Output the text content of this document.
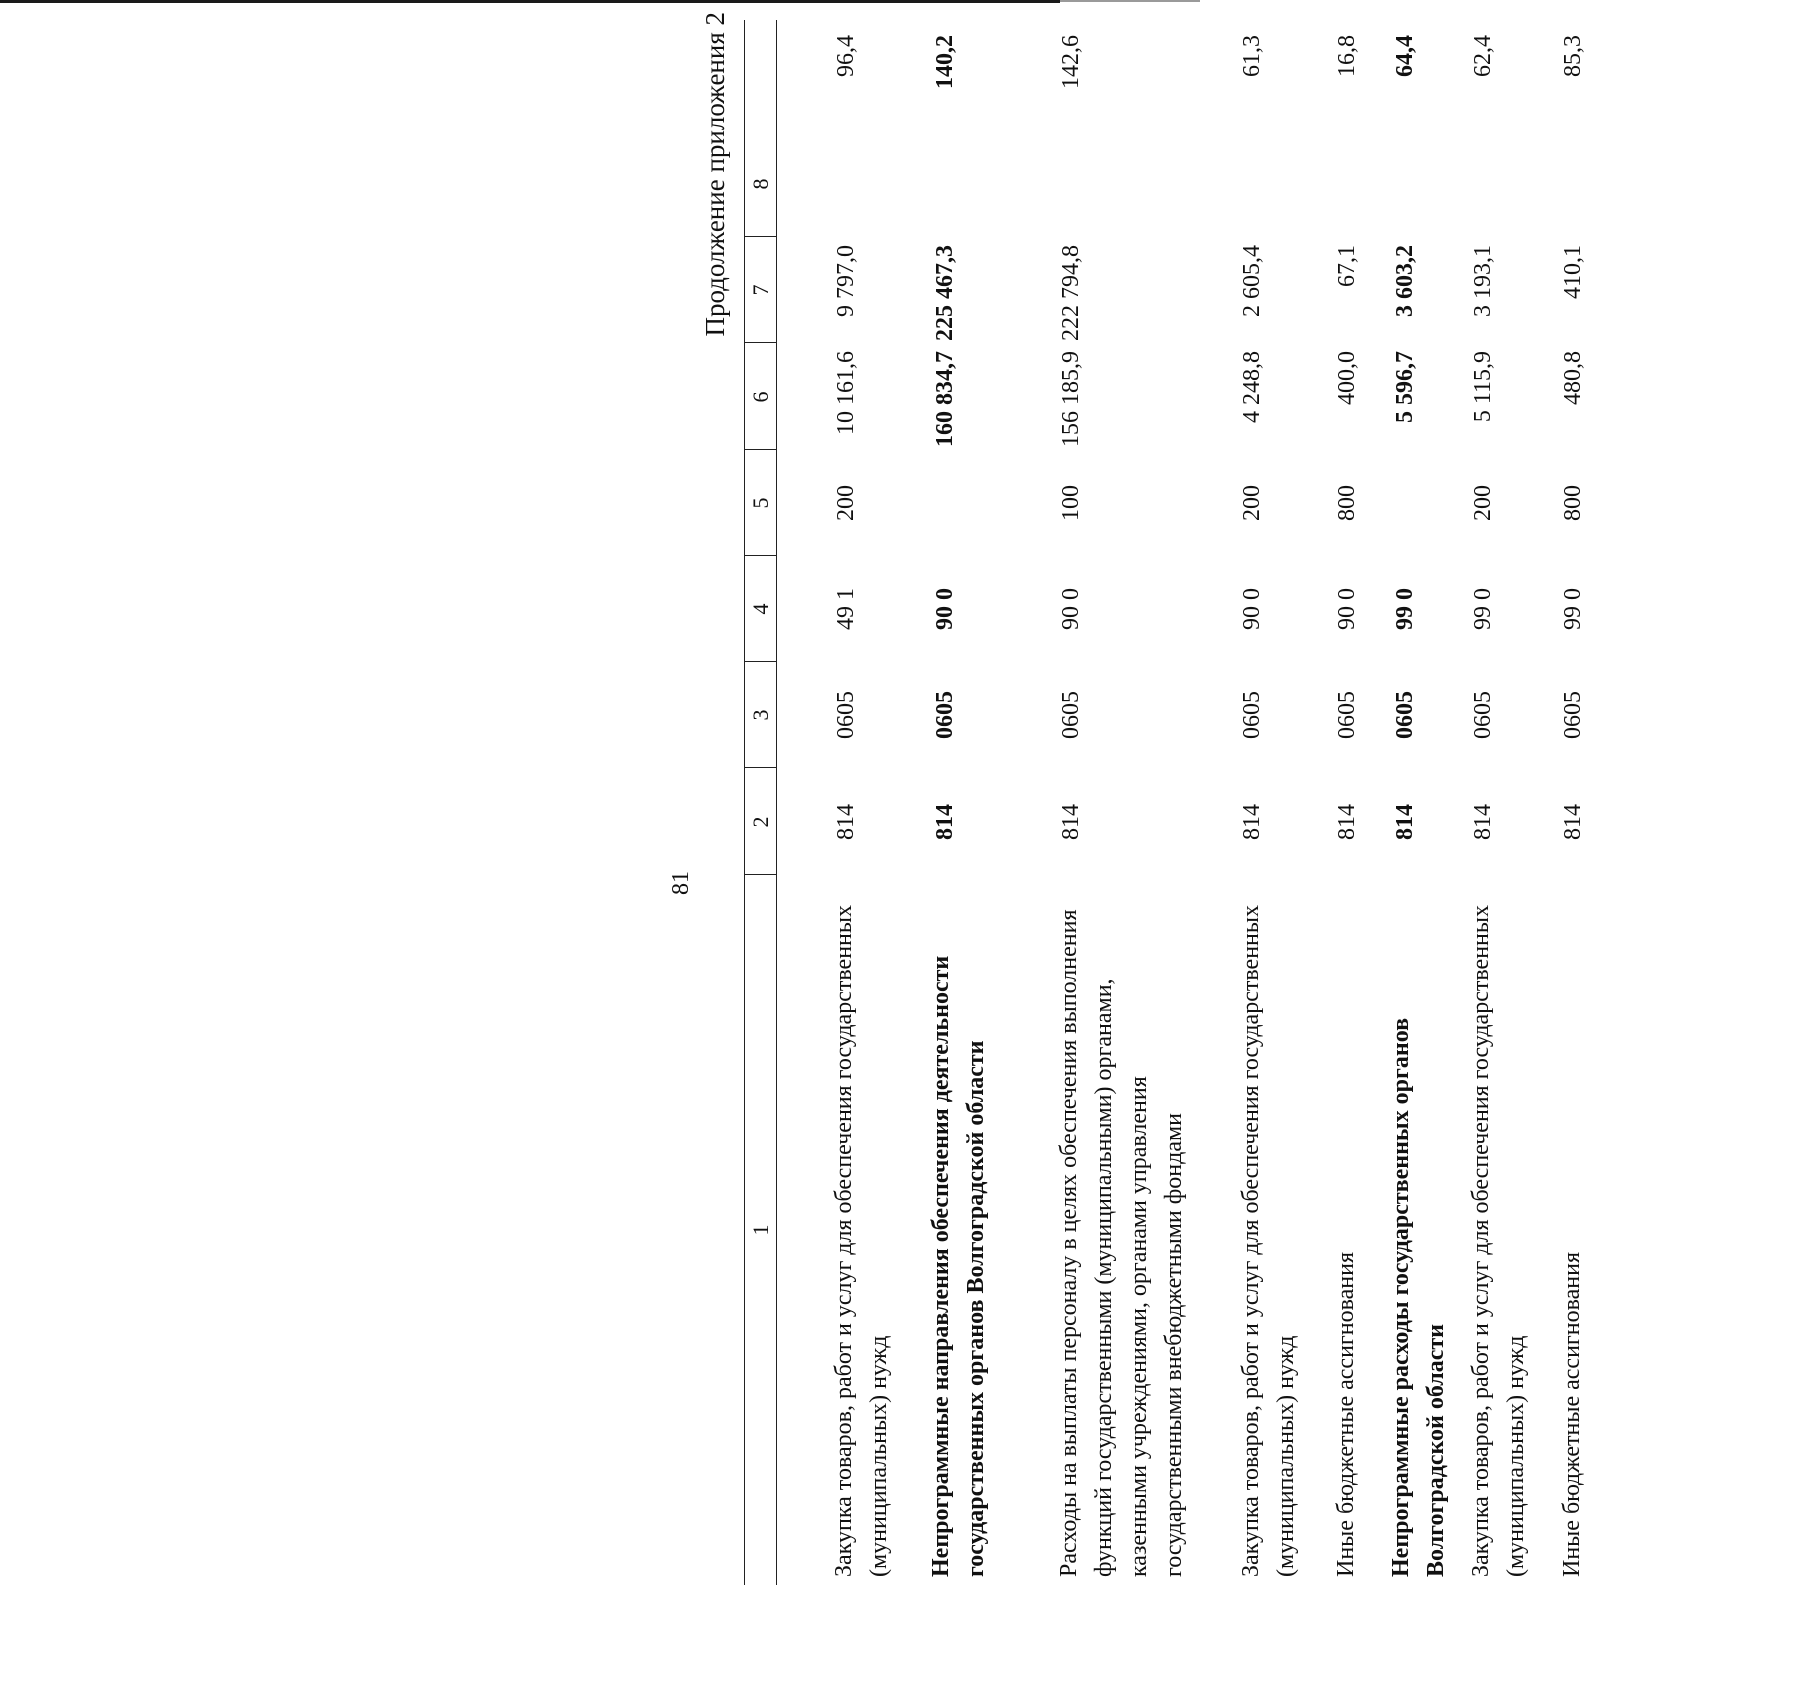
81
Продолжение приложения 2
1
2
3
4
5
6
7
8
Закупка товаров, работ и услуг для обеспечения государственных (муниципальных) нужд
814
0605
49 1
200
10 161,6
9 797,0
96,4
Непрограммные направления обеспечения деятельности государственных органов Волгоградской области
814
0605
90 0
160 834,7
225 467,3
140,2
Расходы на выплаты персоналу в целях обеспечения выполнения функций государственными (муниципальными) органами, казенными учреждениями, органами управления государственными внебюджетными фондами
814
0605
90 0
100
156 185,9
222 794,8
142,6
Закупка товаров, работ и услуг для обеспечения государственных (муниципальных) нужд
814
0605
90 0
200
4 248,8
2 605,4
61,3
Иные бюджетные ассигнования
814
0605
90 0
800
400,0
67,1
16,8
Непрограммные расходы государственных органов Волгоградской области
814
0605
99 0
5 596,7
3 603,2
64,4
Закупка товаров, работ и услуг для обеспечения государственных (муниципальных) нужд
814
0605
99 0
200
5 115,9
3 193,1
62,4
Иные бюджетные ассигнования
814
0605
99 0
800
480,8
410,1
85,3
